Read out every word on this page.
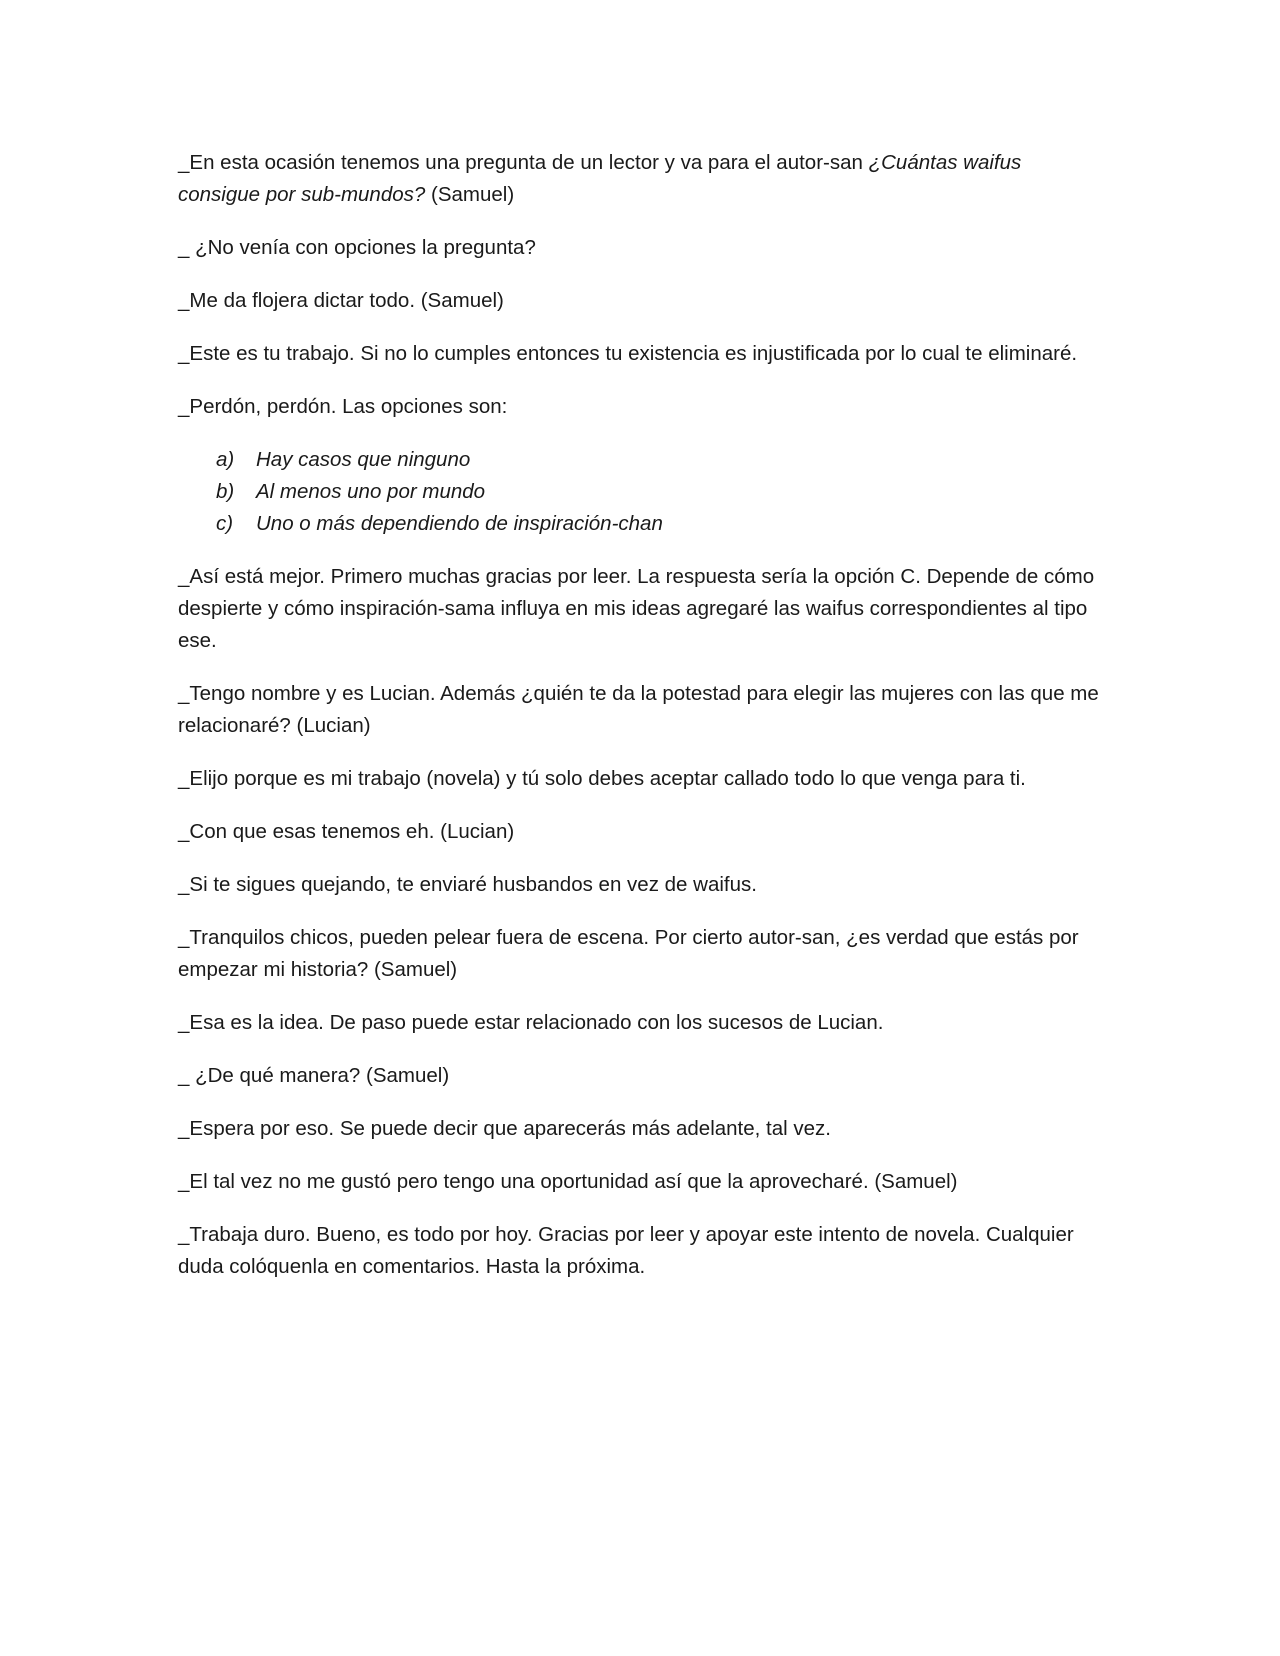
_En esta ocasión tenemos una pregunta de un lector y va para el autor-san ¿Cuántas waifus consigue por sub-mundos? (Samuel)

_ ¿No venía con opciones la pregunta?

_Me da flojera dictar todo. (Samuel)

_Este es tu trabajo. Si no lo cumples entonces tu existencia es injustificada por lo cual te eliminaré.

_Perdón, perdón. Las opciones son:

a)	Hay casos que ninguno
b)	Al menos uno por mundo
c)	Uno o más dependiendo de inspiración-chan

_Así está mejor. Primero muchas gracias por leer. La respuesta sería la opción C. Depende de cómo despierte y cómo inspiración-sama influya en mis ideas agregaré las waifus correspondientes al tipo ese.

_Tengo nombre y es Lucian. Además ¿quién te da la potestad para elegir las mujeres con las que me relacionaré? (Lucian)

_Elijo porque es mi trabajo (novela) y tú solo debes aceptar callado todo lo que venga para ti.

_Con que esas tenemos eh. (Lucian)

_Si te sigues quejando, te enviaré husbandos en vez de waifus.

_Tranquilos chicos, pueden pelear fuera de escena. Por cierto autor-san, ¿es verdad que estás por empezar mi historia? (Samuel)

_Esa es la idea. De paso puede estar relacionado con los sucesos de Lucian.

_ ¿De qué manera? (Samuel)

_Espera por eso. Se puede decir que aparecerás más adelante, tal vez.

_El tal vez no me gustó pero tengo una oportunidad así que la aprovecharé. (Samuel)

_Trabaja duro. Bueno, es todo por hoy. Gracias por leer y apoyar este intento de novela. Cualquier duda colóquenla en comentarios. Hasta la próxima.
